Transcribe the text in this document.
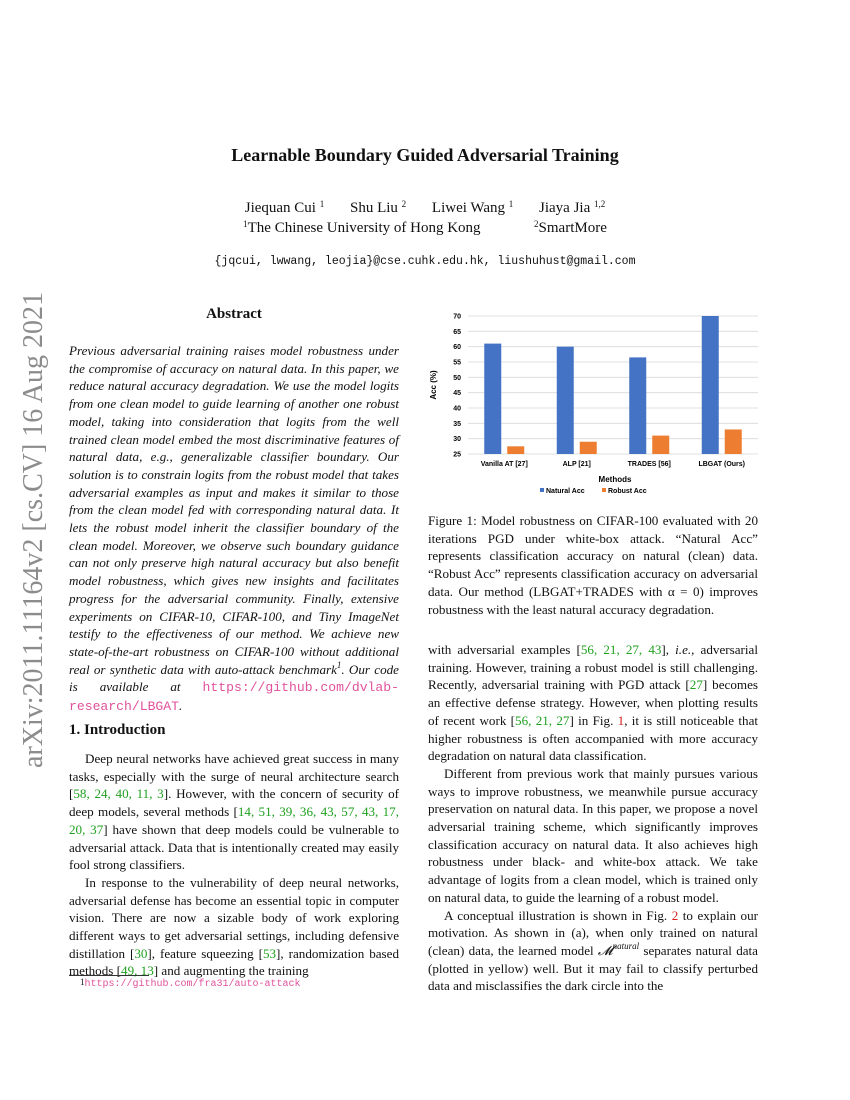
Learnable Boundary Guided Adversarial Training
Jiequan Cui $^1$ Shu Liu $^2$ Liwei Wang $^1$ Jiaya Jia $^{1,2}$
$^1$The Chinese University of Hong Kong	$^2$SmartMore
{jqcui, lwwang, leojia}@cse.cuhk.edu.hk, liushuhust@gmail.com
arXiv:2011.11164v2 [cs.CV] 16 Aug 2021	Abstract
Previous adversarial training raises model robustness under the compromise of accuracy on natural data. In this paper, we reduce natural accuracy degradation. We use the model logits from one clean model to guide learning of another one robust model, taking into consideration that logits from the well trained clean model embed the most discriminative features of natural data, e.g., generalizable classifier boundary. Our solution is to constrain logits from the robust model that takes adversarial examples as input and makes it similar to those from the clean model fed with corresponding natural data. It lets the robust model inherit the classifier boundary of the clean model. Moreover, we observe such boundary guidance can not only preserve high natural accuracy but also benefit model robustness, which gives new insights and facilitates progress for the adversarial community. Finally, extensive experiments on CIFAR-10, CIFAR-100, and Tiny ImageNet testify to the effectiveness of our method. We achieve new state-of-the-art robustness on CIFAR-100 without additional real or synthetic data with auto-attack benchmark$^1$. Our code is available at https://github.com/dvlab-research/LBGAT.
1. Introduction

Deep neural networks have achieved great success in many tasks, especially with the surge of neural architecture search [58, 24, 40, 11, 3]. However, with the concern of security of deep models, several methods [14, 51, 39, 36, 43, 57, 43, 17, 20, 37] have shown that deep models could be vulnerable to adversarial attack. Data that is intentionally created may easily fool strong classifiers.

In response to the vulnerability of deep neural networks, adversarial defense has become an essential topic in computer vision. There are now a sizable body of work exploring different ways to get adversarial settings, including defensive distillation [30], feature squeezing [53], randomization based methods [49, 13] and augmenting the training

$^1$https://github.com/fra31/auto-attack
25
30
35
40
45
50
55
60
65
70
Vanilla AT [27]	ALP [21]	TRADES [56]	LBGAT (Ours)
Acc (%)
Methods
Natural Acc	Robust Acc
Figure 1: Model robustness on CIFAR-100 evaluated with 20 iterations PGD under white-box attack. “Natural Acc” represents classification accuracy on natural (clean) data. “Robust Acc” represents classification accuracy on adversarial data. Our method (LBGAT+TRADES with α = 0) improves robustness with the least natural accuracy degradation.

with adversarial examples [56, 21, 27, 43], i.e., adversarial training. However, training a robust model is still challenging. Recently, adversarial training with PGD attack [27] becomes an effective defense strategy. However, when plotting results of recent work [56, 21, 27] in Fig. 1, it is still noticeable that higher robustness is often accompanied with more accuracy degradation on natural data classification.

Different from previous work that mainly pursues various ways to improve robustness, we meanwhile pursue accuracy preservation on natural data. In this paper, we propose a novel adversarial training scheme, which significantly improves classification accuracy on natural data. It also achieves high robustness under black- and white-box attack. We take advantage of logits from a clean model, which is trained only on natural data, to guide the learning of a robust model.

A conceptual illustration is shown in Fig. 2 to explain our motivation. As shown in (a), when only trained on natural (clean) data, the learned model 𝓜$^{natural}$ separates natural data (plotted in yellow) well. But it may fail to classify perturbed data and misclassifies the dark circle into the
